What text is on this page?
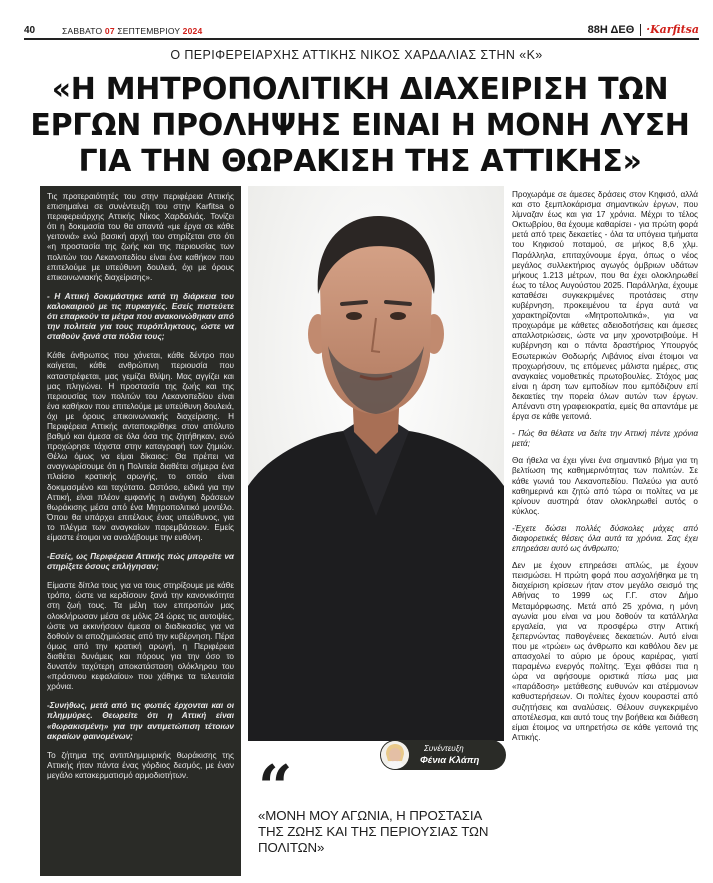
40	ΣΑΒΒΑΤΟ 07 ΣΕΠΤΕΜΒΡΙΟΥ 2024	88Η ΔΕΘ ·Karfitsa
Ο ΠΕΡΙΦΕΡΕΙΑΡΧΗΣ ΑΤΤΙΚΗΣ ΝΙΚΟΣ ΧΑΡΔΑΛΙΑΣ ΣΤΗΝ «Κ»
«Η ΜΗΤΡΟΠΟΛΙΤΙΚΗ ΔΙΑΧΕΙΡΙΣΗ ΤΩΝ ΕΡΓΩΝ ΠΡΟΛΗΨΗΣ ΕΙΝΑΙ Η ΜΟΝΗ ΛΥΣΗ ΓΙΑ ΤΗΝ ΘΩΡΑΚΙΣΗ ΤΗΣ ΑΤΤΙΚΗΣ»

Τις προτεραιότητές του στην περιφέρεια Αττικής επισημαίνει σε συνέντευξη του στην Karfitsa ο περιφερειάρχης Αττικής Νίκος Χαρδαλιάς. Τονίζει ότι η δοκιμασία του θα απαντά «με έργα σε κάθε γειτονιά» ενώ βασική αρχή του στηρίζεται στο ότι «η προστασία της ζωής και της περιουσίας των πολιτών του Λεκανοπεδίου είναι ένα καθήκον που επιτελούμε με υπεύθυνη δουλειά, όχι με όρους επικοινωνιακής διαχείρισης».

- Η Αττική δοκιμάστηκε κατά τη διάρκεια του καλοκαιριού με τις πυρκαγιές. Εσείς πιστεύετε ότι επαρκούν τα μέτρα που ανακοινώθηκαν από την πολιτεία για τους πυρόπληκτους, ώστε να σταθούν ξανά στα πόδια τους;

Κάθε άνθρωπος που χάνεται, κάθε δέντρο που καίγεται, κάθε ανθρώπινη περιουσία που καταστρέφεται, μας γεμίζει θλίψη. Μας αγγίζει και μας πληγώνει. Η προστασία της ζωής και της περιουσίας των πολιτών του Λεκανοπεδίου είναι ένα καθήκον που επιτελούμε με υπεύθυνη δουλειά, όχι με όρους επικοινωνιακής διαχείρισης. Η Περιφέρεια Αττικής ανταποκρίθηκε στον απόλυτο βαθμό και άμεσα σε όλα όσα της ζητήθηκαν, ενώ προχώρησε τάχιστα στην καταγραφή των ζημιών. Θέλω όμως να είμαι δίκαιος: Θα πρέπει να αναγνωρίσουμε ότι η Πολιτεία διαθέτει σήμερα ένα πλαίσιο κρατικής αρωγής, το οποίο είναι δοκιμασμένο και ταχύτατο. Ωστόσο, ειδικά για την Αττική, είναι πλέον εμφανής η ανάγκη δράσεων θωράκισης μέσα από ένα Μητροπολιτικό μοντέλο. Όπου θα υπάρχει επιτέλους ένας υπεύθυνος, για το πλέγμα των αναγκαίων παρεμβάσεων. Εμείς είμαστε έτοιμοι να αναλάβουμε την ευθύνη.

-Εσείς, ως Περιφέρεια Αττικής πώς μπορείτε να στηρίξετε όσους επλήγησαν;

Είμαστε δίπλα τους για να τους στηρίξουμε με κάθε τρόπο, ώστε να κερδίσουν ξανά την κανονικότητα στη ζωή τους. Τα μέλη των επιτροπών μας ολοκλήρωσαν μέσα σε μόλις 24 ώρες τις αυτοψίες, ώστε να εκκινήσουν άμεσα οι διαδικασίες για να δοθούν οι αποζημιώσεις από την κυβέρνηση. Πέρα όμως από την κρατική αρωγή, η Περιφέρεια διαθέτει δυνάμεις και πόρους για την όσο το δυνατόν ταχύτερη αποκατάσταση ολόκληρου του «πράσινου κεφαλαίου» που χάθηκε τα τελευταία χρόνια.

-Συνήθως, μετά από τις φωτιές έρχονται και οι πλημμύρες. Θεωρείτε ότι η Αττική είναι «θωρακισμένη» για την αντιμετώπιση τέτοιων ακραίων φαινομένων;

Το ζήτημα της αντιπλημμυρικής θωράκισης της Αττικής ήταν πάντα ένας γόρδιος δεσμός, με έναν μεγάλο κατακερματισμό αρμοδιοτήτων.

Συνέντευξη
Φένια Κλάπη
“
«ΜΟΝΗ ΜΟΥ ΑΓΩΝΙΑ, Η ΠΡΟΣΤΑΣΙΑ ΤΗΣ ΖΩΗΣ ΚΑΙ ΤΗΣ ΠΕΡΙΟΥΣΙΑΣ ΤΩΝ ΠΟΛΙΤΩΝ»

Προχωράμε σε άμεσες δράσεις στον Κηφισό, αλλά και στο ξεμπλοκάρισμα σημαντικών έργων, που λίμναζαν έως και για 17 χρόνια. Μέχρι το τέλος Οκτωβρίου, θα έχουμε καθαρίσει - για πρώτη φορά μετά από τρεις δεκαετίες - όλα τα υπόγεια τμήματα του Κηφισού ποταμού, σε μήκος 8,6 χλμ. Παράλληλα, επιταχύνουμε έργα, όπως ο νέος μεγάλος συλλεκτήριος αγωγός όμβριων υδάτων μήκους 1.213 μέτρων, που θα έχει ολοκληρωθεί έως το τέλος Αυγούστου 2025. Παράλληλα, έχουμε καταθέσει συγκεκριμένες προτάσεις στην κυβέρνηση, προκειμένου τα έργα αυτά να χαρακτηρίζονται «Μητροπολιτικά», για να προχωράμε με κάθετες αδειοδοτήσεις και άμεσες απαλλοτριώσεις, ώστε να μην χρονοτριβούμε. Η κυβέρνηση και ο πάντα δραστήριος Υπουργός Εσωτερικών Θοδωρής Λιβάνιος είναι έτοιμοι να προχωρήσουν, τις επόμενες μάλιστα ημέρες, στις αναγκαίες νομοθετικές πρωτοβουλίες. Στόχος μας είναι η άρση των εμποδίων που εμπόδιζουν επί δεκαετίες την πορεία όλων αυτών των έργων. Απέναντι στη γραφειοκρατία, εμείς θα απαντάμε με έργα σε κάθε γειτονιά.

- Πώς θα θέλατε να δείτε την Αττική πέντε χρόνια μετά;

Θα ήθελα να έχει γίνει ένα σημαντικό βήμα για τη βελτίωση της καθημερινότητας των πολιτών. Σε κάθε γωνιά του Λεκανοπεδίου. Παλεύω για αυτό καθημερινά και ζητώ από τώρα οι πολίτες να με κρίνουν αυστηρά όταν ολοκληρωθεί αυτός ο κύκλος.

-Έχετε δώσει πολλές δύσκολες μάχες από διαφορετικές θέσεις όλα αυτά τα χρόνια. Σας έχει επηρεάσει αυτό ως άνθρωπο;

Δεν με έχουν επηρεάσει απλώς, με έχουν πεισμώσει. Η πρώτη φορά που ασχολήθηκα με τη διαχείριση κρίσεων ήταν στον μεγάλο σεισμό της Αθήνας το 1999 ως Γ.Γ. στον Δήμο Μεταμόρφωσης. Μετά από 25 χρόνια, η μόνη αγωνία μου είναι να μου δοθούν τα κατάλληλα εργαλεία, για να προσφέρω στην Αττική ξεπερνώντας παθογένειες δεκαετιών. Αυτό είναι που με «τρώει» ως άνθρωπο και καθόλου δεν με απασχολεί το αύριο με όρους καριέρας, γιατί παραμένω ενεργός πολίτης. Έχει φθάσει πια η ώρα να αφήσουμε οριστικά πίσω μας μια «παράδοση» μετάθεσης ευθυνών και ατέρμονων καθυστερήσεων. Οι πολίτες έχουν κουραστεί από συζητήσεις και αναλύσεις. Θέλουν συγκεκριμένο αποτέλεσμα, και αυτό τους την βοήθεια και διάθεση είμαι έτοιμος να υπηρετήσω σε κάθε γειτονιά της Αττικής.
